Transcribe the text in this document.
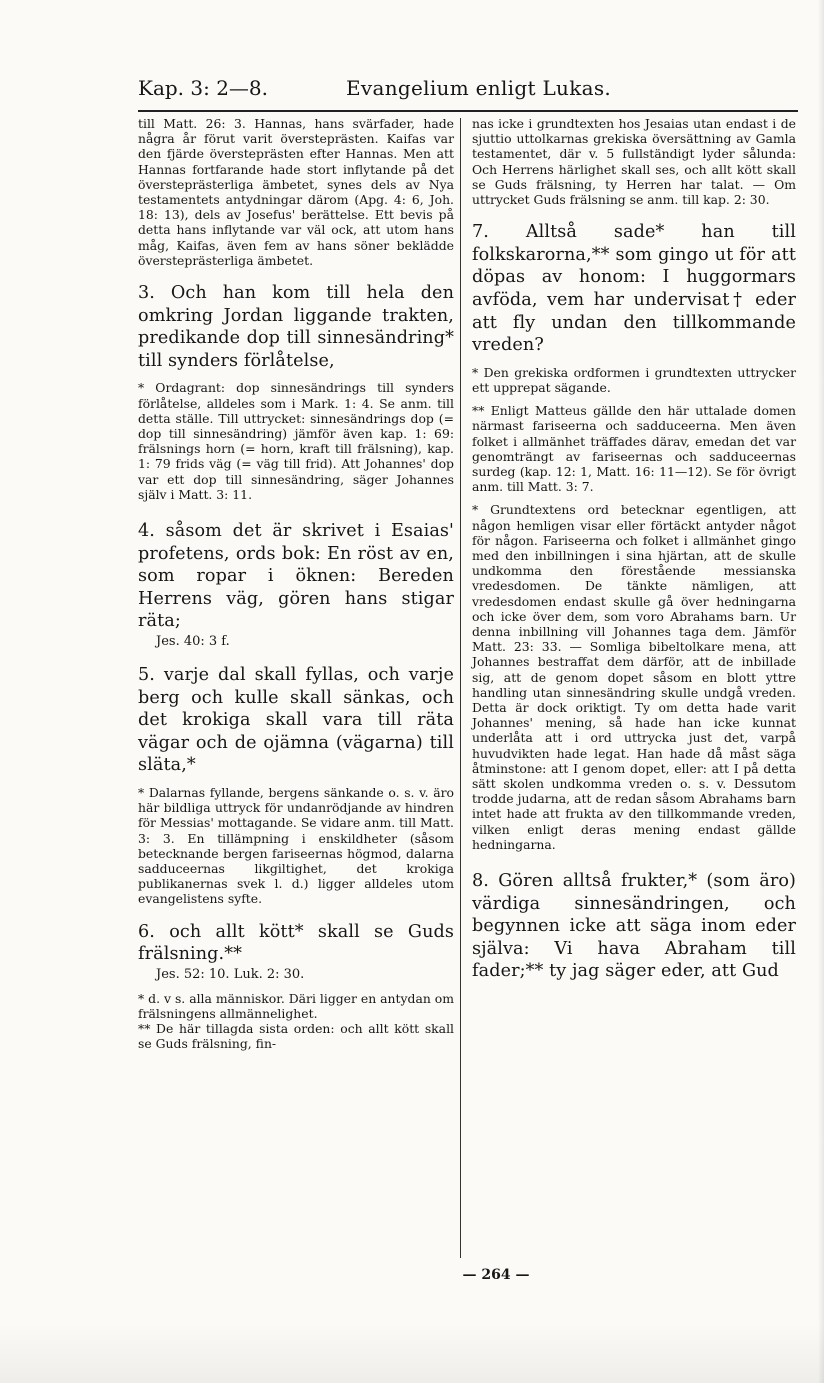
Kap. 3: 2—8.	Evangelium enligt Lukas.

till Matt. 26: 3. Hannas, hans svärfader, hade några år förut varit översteprästen. Kaifas var den fjärde översteprästen efter Hannas. Men att Hannas fortfarande hade stort inflytande på det översteprästerliga ämbetet, synes dels av Nya testamentets antydningar därom (Apg. 4: 6, Joh. 18: 13), dels av Josefus' berättelse. Ett bevis på detta hans inflytande var väl ock, att utom hans måg, Kaifas, även fem av hans söner beklädde översteprästerliga ämbetet.

3. Och han kom till hela den omkring Jordan liggande trakten, predikande dop till sinnesändring* till synders förlåtelse,

* Ordagrant: dop sinnesändrings till synders förlåtelse, alldeles som i Mark. 1: 4. Se anm. till detta ställe. Till uttrycket: sinnesändrings dop (= dop till sinnesändring) jämför även kap. 1: 69: frälsnings horn (= horn, kraft till frälsning), kap. 1: 79 frids väg (= väg till frid). Att Johannes' dop var ett dop till sinnesändring, säger Johannes själv i Matt. 3: 11.

4. såsom det är skrivet i Esaias' profetens, ords bok: En röst av en, som ropar i öknen: Bereden Herrens väg, gören hans stigar räta;

Jes. 40: 3 f.

5. varje dal skall fyllas, och varje berg och kulle skall sänkas, och det krokiga skall vara till räta vägar och de ojämna (vägarna) till släta,*

* Dalarnas fyllande, bergens sänkande o. s. v. äro här bildliga uttryck för undanrödjande av hindren för Messias' mottagande. Se vidare anm. till Matt. 3: 3. En tillämpning i enskildheter (såsom betecknande bergen fariseernas högmod, dalarna sadduceernas likgiltighet, det krokiga publikanernas svek l. d.) ligger alldeles utom evangelistens syfte.

6. och allt kött* skall se Guds frälsning.**

Jes. 52: 10. Luk. 2: 30.

* d. v s. alla människor. Däri ligger en antydan om frälsningens allmännelighet.

** De här tillagda sista orden: och allt kött skall se Guds frälsning, fin-

nas icke i grundtexten hos Jesaias utan endast i de sjuttio uttolkarnas grekiska översättning av Gamla testamentet, där v. 5 fullständigt lyder sålunda: Och Herrens härlighet skall ses, och allt kött skall se Guds frälsning, ty Herren har talat. — Om uttrycket Guds frälsning se anm. till kap. 2: 30.

7. Alltså sade* han till folkskarorna,** som gingo ut för att döpas av honom: I huggormars avföda, vem har undervisat† eder att fly undan den tillkommande vreden?

* Den grekiska ordformen i grundtexten uttrycker ett upprepat sägande.

** Enligt Matteus gällde den här uttalade domen närmast fariseerna och sadduceerna. Men även folket i allmänhet träffades därav, emedan det var genomträngt av fariseernas och sadduceernas surdeg (kap. 12: 1, Matt. 16: 11—12). Se för övrigt anm. till Matt. 3: 7.

* Grundtextens ord betecknar egentligen, att någon hemligen visar eller förtäckt antyder något för någon. Fariseerna och folket i allmänhet gingo med den inbillningen i sina hjärtan, att de skulle undkomma den förestående messianska vredesdomen. De tänkte nämligen, att vredesdomen endast skulle gå över hedningarna och icke över dem, som voro Abrahams barn. Ur denna inbillning vill Johannes taga dem. Jämför Matt. 23: 33. — Somliga bibeltolkare mena, att Johannes bestraffat dem därför, att de inbillade sig, att de genom dopet såsom en blott yttre handling utan sinnesändring skulle undgå vreden. Detta är dock oriktigt. Ty om detta hade varit Johannes' mening, så hade han icke kunnat underlåta att i ord uttrycka just det, varpå huvudvikten hade legat. Han hade då måst säga åtminstone: att I genom dopet, eller: att I på detta sätt skolen undkomma vreden o. s. v. Dessutom trodde judarna, att de redan såsom Abrahams barn intet hade att frukta av den tillkommande vreden, vilken enligt deras mening endast gällde hedningarna.

8. Gören alltså frukter,* (som äro) värdiga sinnesändringen, och begynnen icke att säga inom eder själva: Vi hava Abraham till fader;** ty jag säger eder, att Gud

— 264 —
